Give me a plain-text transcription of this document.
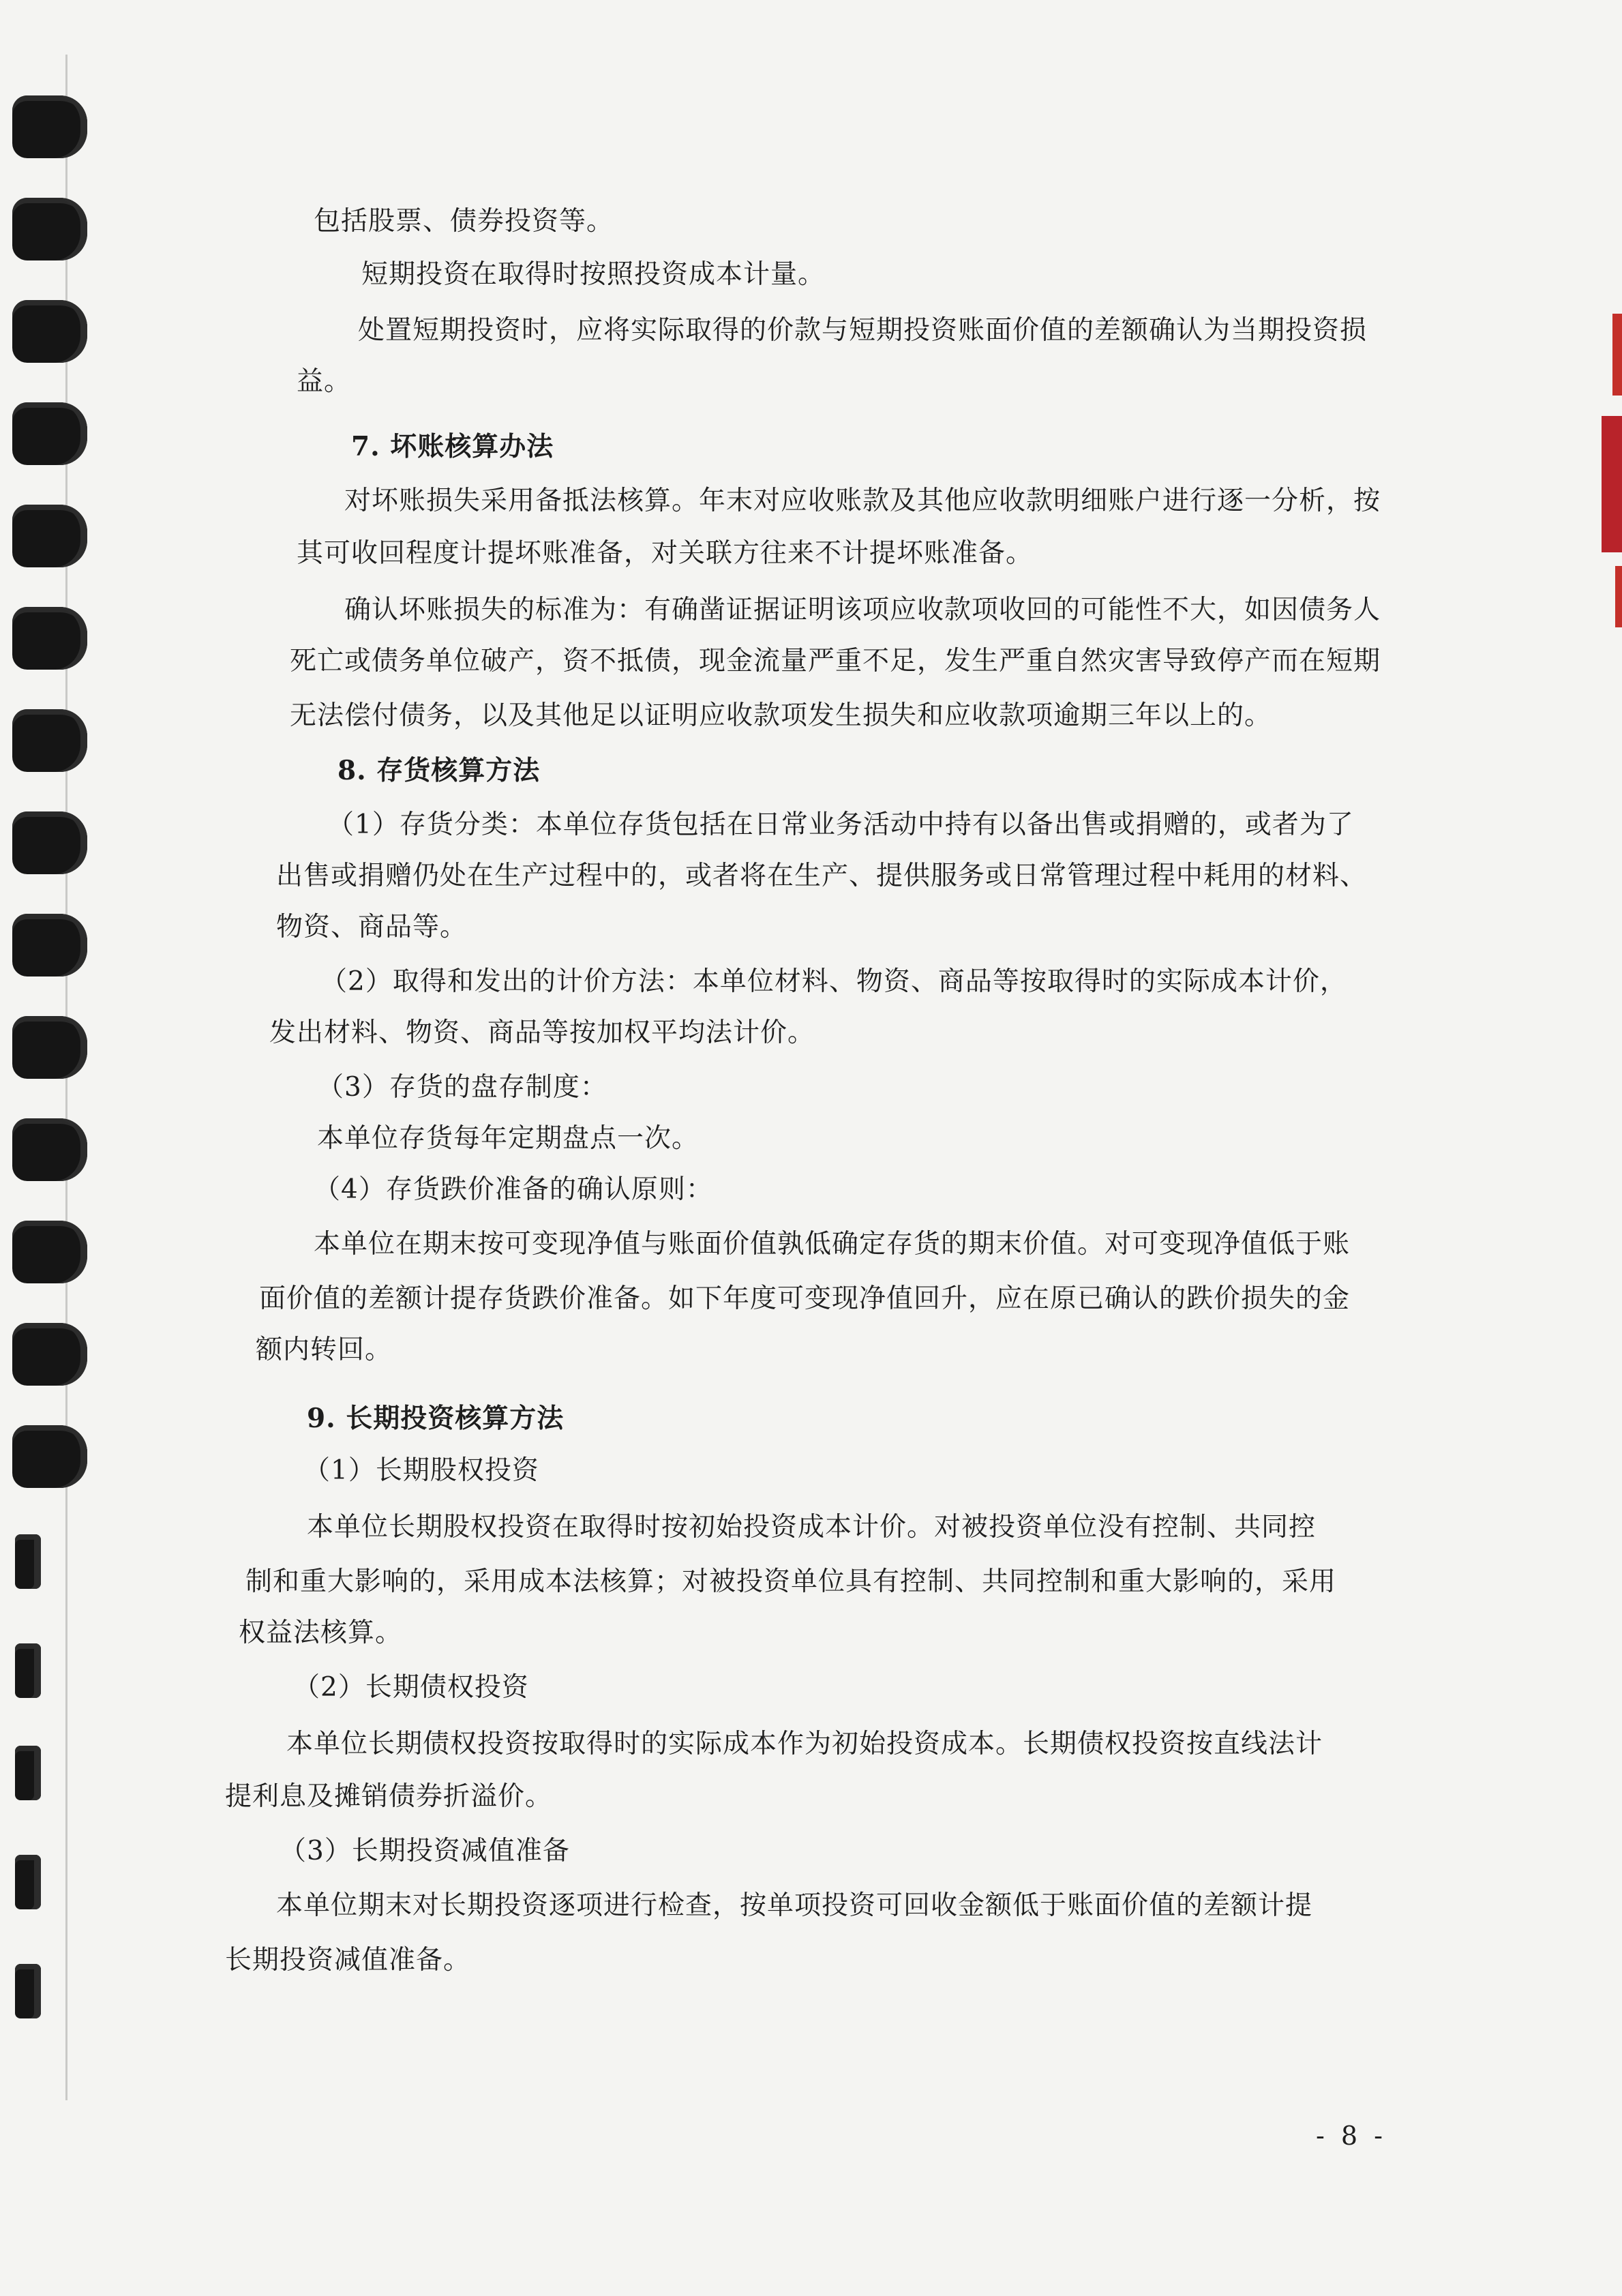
包括股票、债券投资等。
短期投资在取得时按照投资成本计量。
处置短期投资时，应将实际取得的价款与短期投资账面价值的差额确认为当期投资损
益。
7. 坏账核算办法
对坏账损失采用备抵法核算。年末对应收账款及其他应收款明细账户进行逐一分析，按
其可收回程度计提坏账准备，对关联方往来不计提坏账准备。
确认坏账损失的标准为：有确凿证据证明该项应收款项收回的可能性不大，如因债务人
死亡或债务单位破产，资不抵债，现金流量严重不足，发生严重自然灾害导致停产而在短期
无法偿付债务，以及其他足以证明应收款项发生损失和应收款项逾期三年以上的。
8. 存货核算方法
（1）存货分类：本单位存货包括在日常业务活动中持有以备出售或捐赠的，或者为了
出售或捐赠仍处在生产过程中的，或者将在生产、提供服务或日常管理过程中耗用的材料、
物资、商品等。
（2）取得和发出的计价方法：本单位材料、物资、商品等按取得时的实际成本计价，
发出材料、物资、商品等按加权平均法计价。
（3）存货的盘存制度：
本单位存货每年定期盘点一次。
（4）存货跌价准备的确认原则：
本单位在期末按可变现净值与账面价值孰低确定存货的期末价值。对可变现净值低于账
面价值的差额计提存货跌价准备。如下年度可变现净值回升，应在原已确认的跌价损失的金
额内转回。
9. 长期投资核算方法
（1）长期股权投资
本单位长期股权投资在取得时按初始投资成本计价。对被投资单位没有控制、共同控
制和重大影响的，采用成本法核算；对被投资单位具有控制、共同控制和重大影响的，采用
权益法核算。
（2）长期债权投资
本单位长期债权投资按取得时的实际成本作为初始投资成本。长期债权投资按直线法计
提利息及摊销债券折溢价。
（3）长期投资减值准备
本单位期末对长期投资逐项进行检查，按单项投资可回收金额低于账面价值的差额计提
长期投资减值准备。
- 8 -
